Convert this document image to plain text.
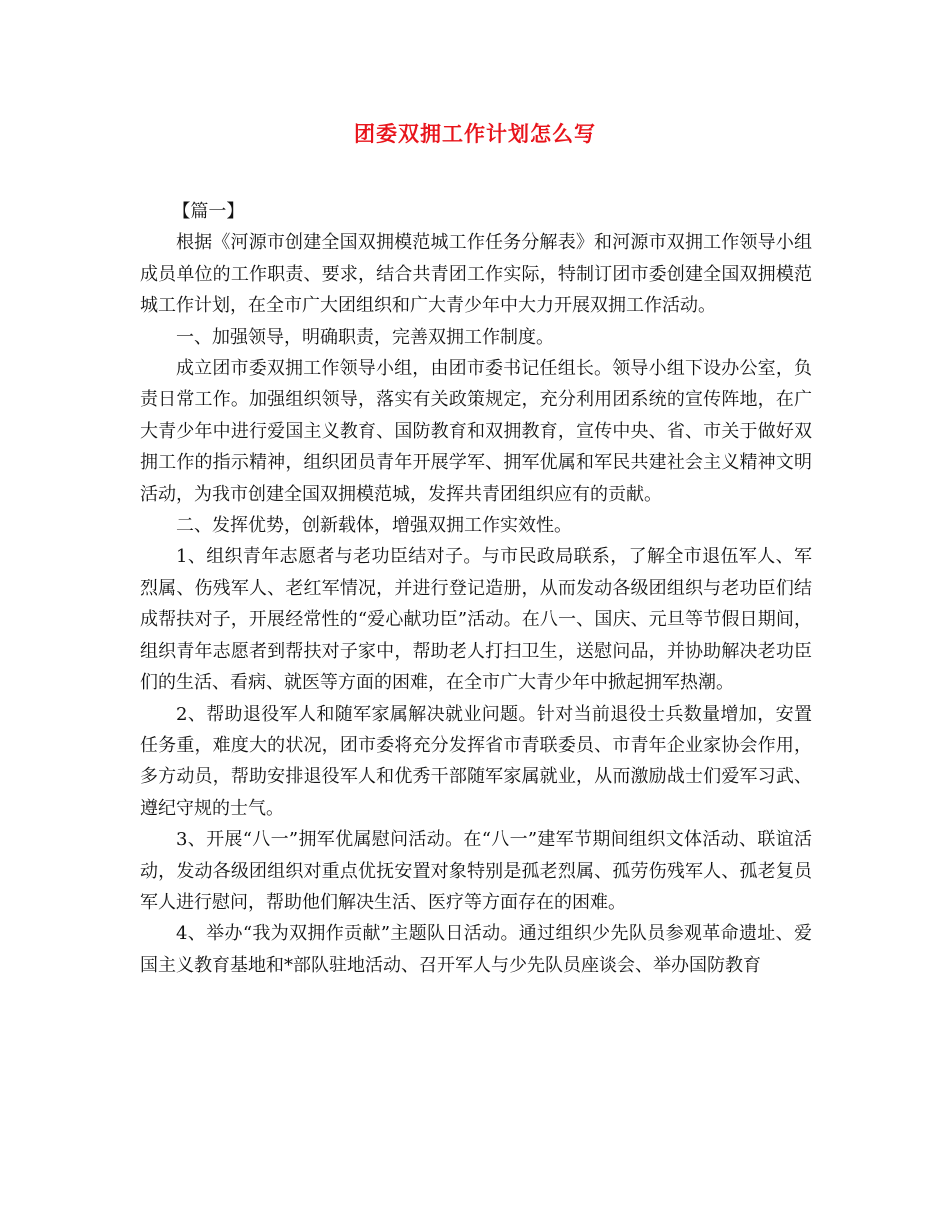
团委双拥工作计划怎么写

【篇一】

根据《河源市创建全国双拥模范城工作任务分解表》和河源市双拥工作领导小组成员单位的工作职责、要求，结合共青团工作实际，特制订团市委创建全国双拥模范城工作计划，在全市广大团组织和广大青少年中大力开展双拥工作活动。

一、加强领导，明确职责，完善双拥工作制度。

成立团市委双拥工作领导小组，由团市委书记任组长。领导小组下设办公室，负责日常工作。加强组织领导，落实有关政策规定，充分利用团系统的宣传阵地，在广大青少年中进行爱国主义教育、国防教育和双拥教育，宣传中央、省、市关于做好双拥工作的指示精神，组织团员青年开展学军、拥军优属和军民共建社会主义精神文明活动，为我市创建全国双拥模范城，发挥共青团组织应有的贡献。

二、发挥优势，创新载体，增强双拥工作实效性。

1、组织青年志愿者与老功臣结对子。与市民政局联系，了解全市退伍军人、军烈属、伤残军人、老红军情况，并进行登记造册，从而发动各级团组织与老功臣们结成帮扶对子，开展经常性的“爱心献功臣”活动。在八一、国庆、元旦等节假日期间，组织青年志愿者到帮扶对子家中，帮助老人打扫卫生，送慰问品，并协助解决老功臣们的生活、看病、就医等方面的困难，在全市广大青少年中掀起拥军热潮。

2、帮助退役军人和随军家属解决就业问题。针对当前退役士兵数量增加，安置任务重，难度大的状况，团市委将充分发挥省市青联委员、市青年企业家协会作用，多方动员，帮助安排退役军人和优秀干部随军家属就业，从而激励战士们爱军习武、遵纪守规的士气。

3、开展“八一”拥军优属慰问活动。在“八一”建军节期间组织文体活动、联谊活动，发动各级团组织对重点优抚安置对象特别是孤老烈属、孤劳伤残军人、孤老复员军人进行慰问，帮助他们解决生活、医疗等方面存在的困难。

4、举办“我为双拥作贡献”主题队日活动。通过组织少先队员参观革命遗址、爱国主义教育基地和*部队驻地活动、召开军人与少先队员座谈会、举办国防教育
